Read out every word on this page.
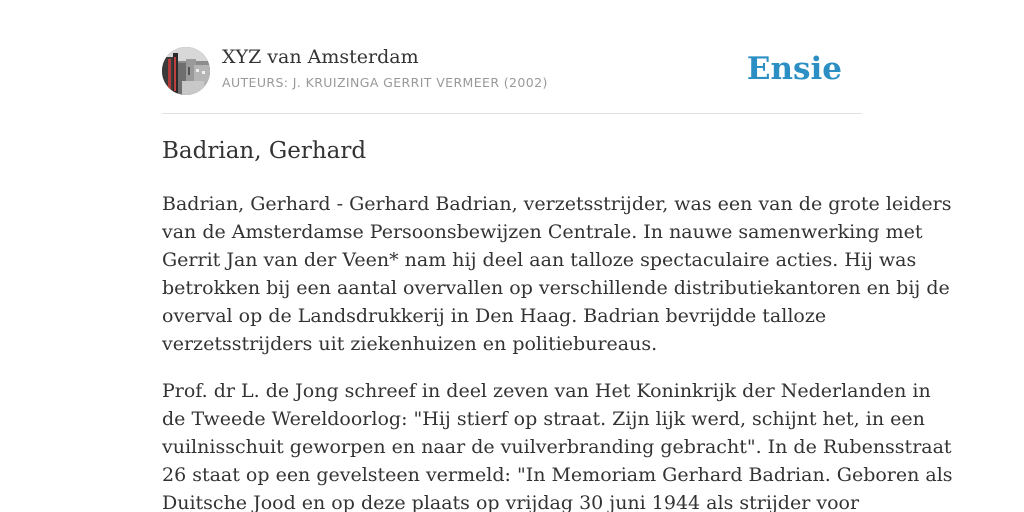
XYZ van Amsterdam
AUTEURS: J. KRUIZINGA GERRIT VERMEER (2002)	Ensie
Badrian, Gerhard

Badrian, Gerhard - Gerhard Badrian, verzetsstrijder, was een van de grote leiders
van de Amsterdamse Persoonsbewijzen Centrale. In nauwe samenwerking met
Gerrit Jan van der Veen* nam hij deel aan talloze spectaculaire acties. Hij was
betrokken bij een aantal overvallen op verschillende distributiekantoren en bij de
overval op de Landsdrukkerij in Den Haag. Badrian bevrijdde talloze
verzetsstrijders uit ziekenhuizen en politiebureaus.

Prof. dr L. de Jong schreef in deel zeven van Het Koninkrijk der Nederlanden in
de Tweede Wereldoorlog: "Hij stierf op straat. Zijn lijk werd, schijnt het, in een
vuilnisschuit geworpen en naar de vuilverbranding gebracht". In de Rubensstraat
26 staat op een gevelsteen vermeld: "In Memoriam Gerhard Badrian. Geboren als
Duitsche Jood en op deze plaats op vrijdag 30 juni 1944 als strijder voor
